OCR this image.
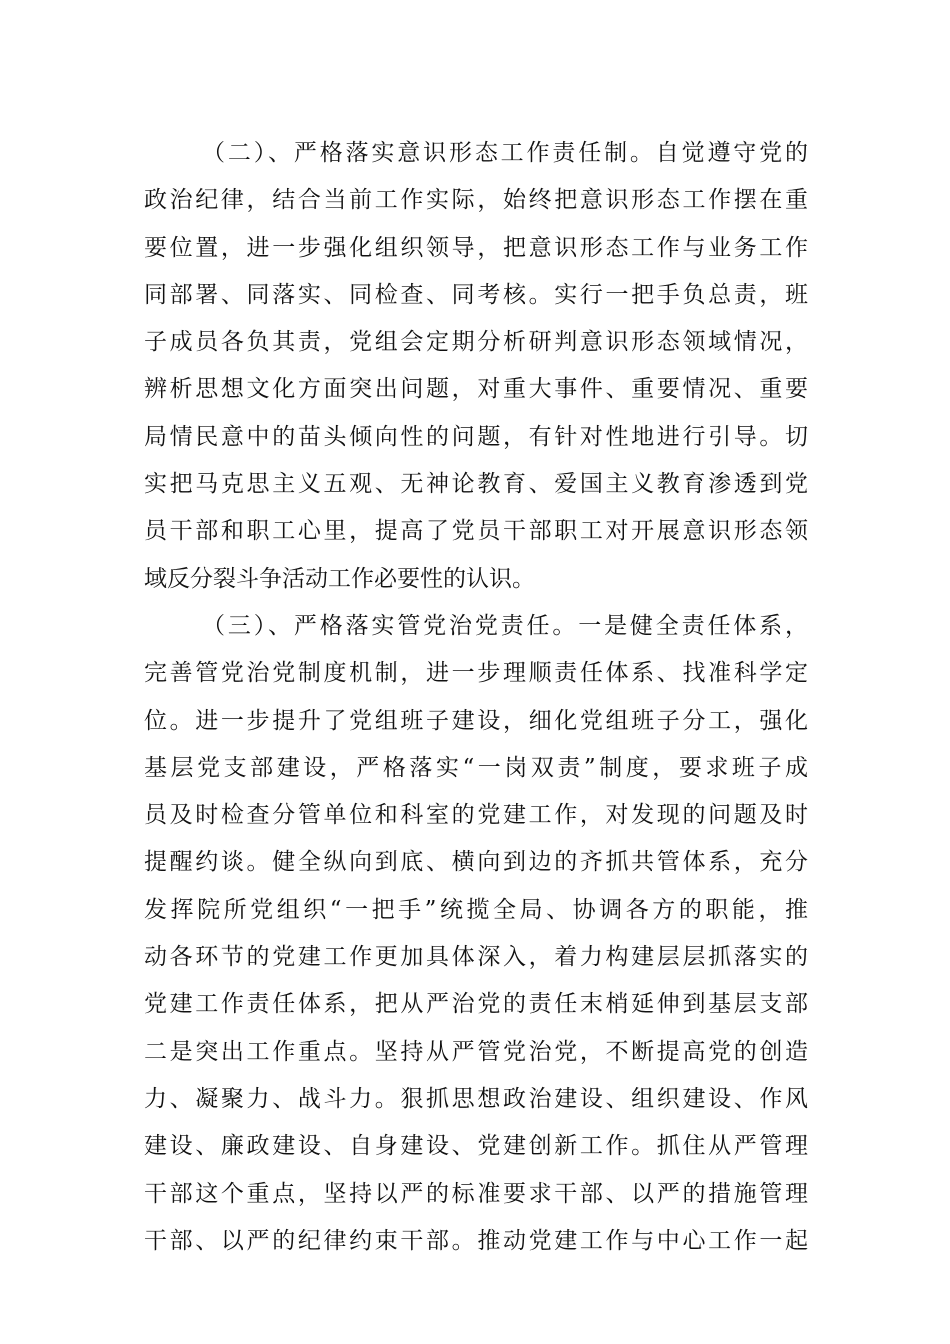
（二）、严格落实意识形态工作责任制。自觉遵守党的
政治纪律，结合当前工作实际，始终把意识形态工作摆在重
要位置，进一步强化组织领导，把意识形态工作与业务工作
同部署、同落实、同检查、同考核。实行一把手负总责，班
子成员各负其责，党组会定期分析研判意识形态领域情况，
辨析思想文化方面突出问题，对重大事件、重要情况、重要
局情民意中的苗头倾向性的问题，有针对性地进行引导。切
实把马克思主义五观、无神论教育、爱国主义教育渗透到党
员干部和职工心里，提高了党员干部职工对开展意识形态领
域反分裂斗争活动工作必要性的认识。
（三）、严格落实管党治党责任。一是健全责任体系，
完善管党治党制度机制，进一步理顺责任体系、找准科学定
位。进一步提升了党组班子建设，细化党组班子分工，强化
基层党支部建设，严格落实“一岗双责”制度，要求班子成
员及时检查分管单位和科室的党建工作，对发现的问题及时
提醒约谈。健全纵向到底、横向到边的齐抓共管体系，充分
发挥院所党组织“一把手”统揽全局、协调各方的职能，推
动各环节的党建工作更加具体深入，着力构建层层抓落实的
党建工作责任体系，把从严治党的责任末梢延伸到基层支部
二是突出工作重点。坚持从严管党治党，不断提高党的创造
力、凝聚力、战斗力。狠抓思想政治建设、组织建设、作风
建设、廉政建设、自身建设、党建创新工作。抓住从严管理
干部这个重点，坚持以严的标准要求干部、以严的措施管理
干部、以严的纪律约束干部。推动党建工作与中心工作一起
